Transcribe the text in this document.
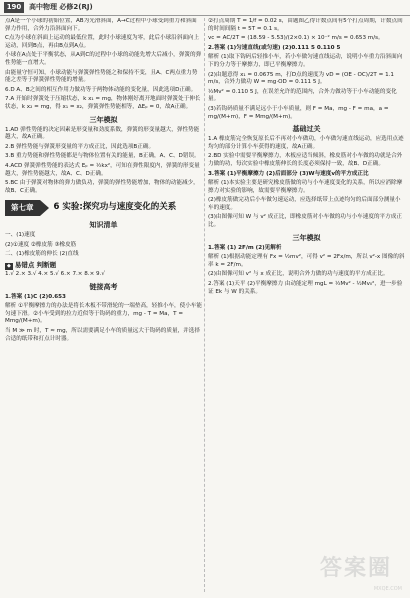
190	高中物理 必修2(RJ)

点A是一个小球的初始位置，AB为光滑斜面，A→C过程中小球受到重力和斜面弹力作用，合外力沿斜面向下。

C点为小球在斜面上运动的最低位置，此时小球速度为零，此后小球沿斜面向上运动，回到B点，再由B点到A点。

小球在A点处于平衡状态，从A到C的过程中小球的动能先增大后减小，弹簧的弹性势能一直增大。

由能量守恒可知，小球动能与弹簧弹性势能之和保持不变，且A、C两点重力势能之差等于弹簧弹性势能的增量。

6.D A、B之间的相互作用力做功等于两物体动能的变化量，因此选项D正确。

7.A 开始时弹簧处于压缩状态，k x₁ = mg，物体刚好离开地面时弹簧处于伸长状态，k x₂ = mg，得 x₁ = x₂，弹簧弹性势能相等，ΔEₚ = 0，故A正确。

三年模拟

1.AD 弹性势能的决定因素是形变量和劲度系数，弹簧的形变量越大，弹性势能越大，故A正确。

2.B 弹性势能与弹簧形变量的平方成正比，因此选项B正确。

3.B 重力势能和弹性势能都是与物体位置有关的能量，B正确，A、C、D错误。

4.ACD 弹簧弹性势能的表达式 Eₚ = ½kx²，可知在弹性限度内，弹簧的形变量越大，弹性势能越大，故A、C、D正确。

5.BC 由于弹簧对物体的弹力做负功，弹簧的弹性势能增加，物体的动能减少，故B、C正确。

第七章	6 实验:探究功与速度变化的关系
知识清单

一、(1)速度

(2)①速度 ②橡皮筋 ③橡皮筋

二、(1)橡皮筋的伸长 (2)直线

◆ 易错点 判断题

1.√ 2.× 3.√ 4.× 5.√ 6.× 7.× 8.× 9.√

链接高考

1.答案 (1)C (2)0.653

解析 ①平衡摩擦力的办法是将长木板不带滑轮的一端垫高，轻推小车，使小车能匀速下滑。②小车受到的拉力近似等于钩码的重力，mg - T = Ma，T = Mmg/(M+m)。

当 M ≫ m 时，T ≈ mg，所以需要满足小车的质量远大于钩码的质量，并选择合适的纸带和打点计时器。

②打点周期 T = 1/f = 0.02 s，由题图乙得计数点间有5个打点周期，计数点间的时间间隔 t = 5T = 0.1 s。

vc = AC/2T = (18.59 - 5.53)/(2×0.1) × 10⁻² m/s = 0.653 m/s。

2.答案 (1)匀速直线(或匀速) (2)0.111 5 0.110 5

解析 (1)取下钩码后轻推小车，若小车做匀速直线运动，说明小车重力沿斜面向下的分力等于摩擦力，即已平衡摩擦力。

(2)由题意得 x₁ = 0.0675 m，打D点的速度为 vD = (OE - OC)/2T = 1.1 m/s，合外力做功 W = mg·OD = 0.111 5 J。

½Mv² = 0.110 5 J，在误差允许的范围内，合外力做功等于小车动能的变化量。

(3)若钩码质量不满足远小于小车质量，则 F = Ma，mg - F = ma，a = mg/(M+m)，F = Mmg/(M+m)。

基础过关

1.A 橡皮筋完全恢复原长后不再对小车做功，小车做匀速直线运动，应选用点迹均匀的部分计算小车获得的速度，故A正确。

2.BD 实验中需要平衡摩擦力，木板应适当倾斜，橡皮筋对小车做的功就是合外力做的功，每次实验中橡皮筋伸长的长度必须保持一致，故B、D正确。

3.答案 (1)平衡摩擦力 (2)后面部分 (3)W与速度v的平方成正比

解析 (1)本实验主要是研究橡皮筋做的功与小车速度变化的关系，所以应消除摩擦力对实验的影响，故需要平衡摩擦力。

(2)橡皮筋做完功后小车做匀速运动，应选择纸带上点迹均匀的后面部分测量小车的速度。

(3)由图像可知 W 与 v² 成正比，即橡皮筋对小车做的功与小车速度的平方成正比。

三年模拟

1.答案 (1) 2F/m (2)见解析

解析 (1)根据动能定理有 Fx = ½mv²，可得 v² = 2Fx/m，所以 v²-x 图像的斜率 k = 2F/m。

(2)由图像可知 v² 与 x 成正比，说明合外力做的功与速度的平方成正比。

2.答案 (1)天平 (2)平衡摩擦力 由动能定理 mgL = ½Mv² - ½Mv₀²，进一步验证 Ek 与 W 的关系。

答案圈
MXQE.COM
